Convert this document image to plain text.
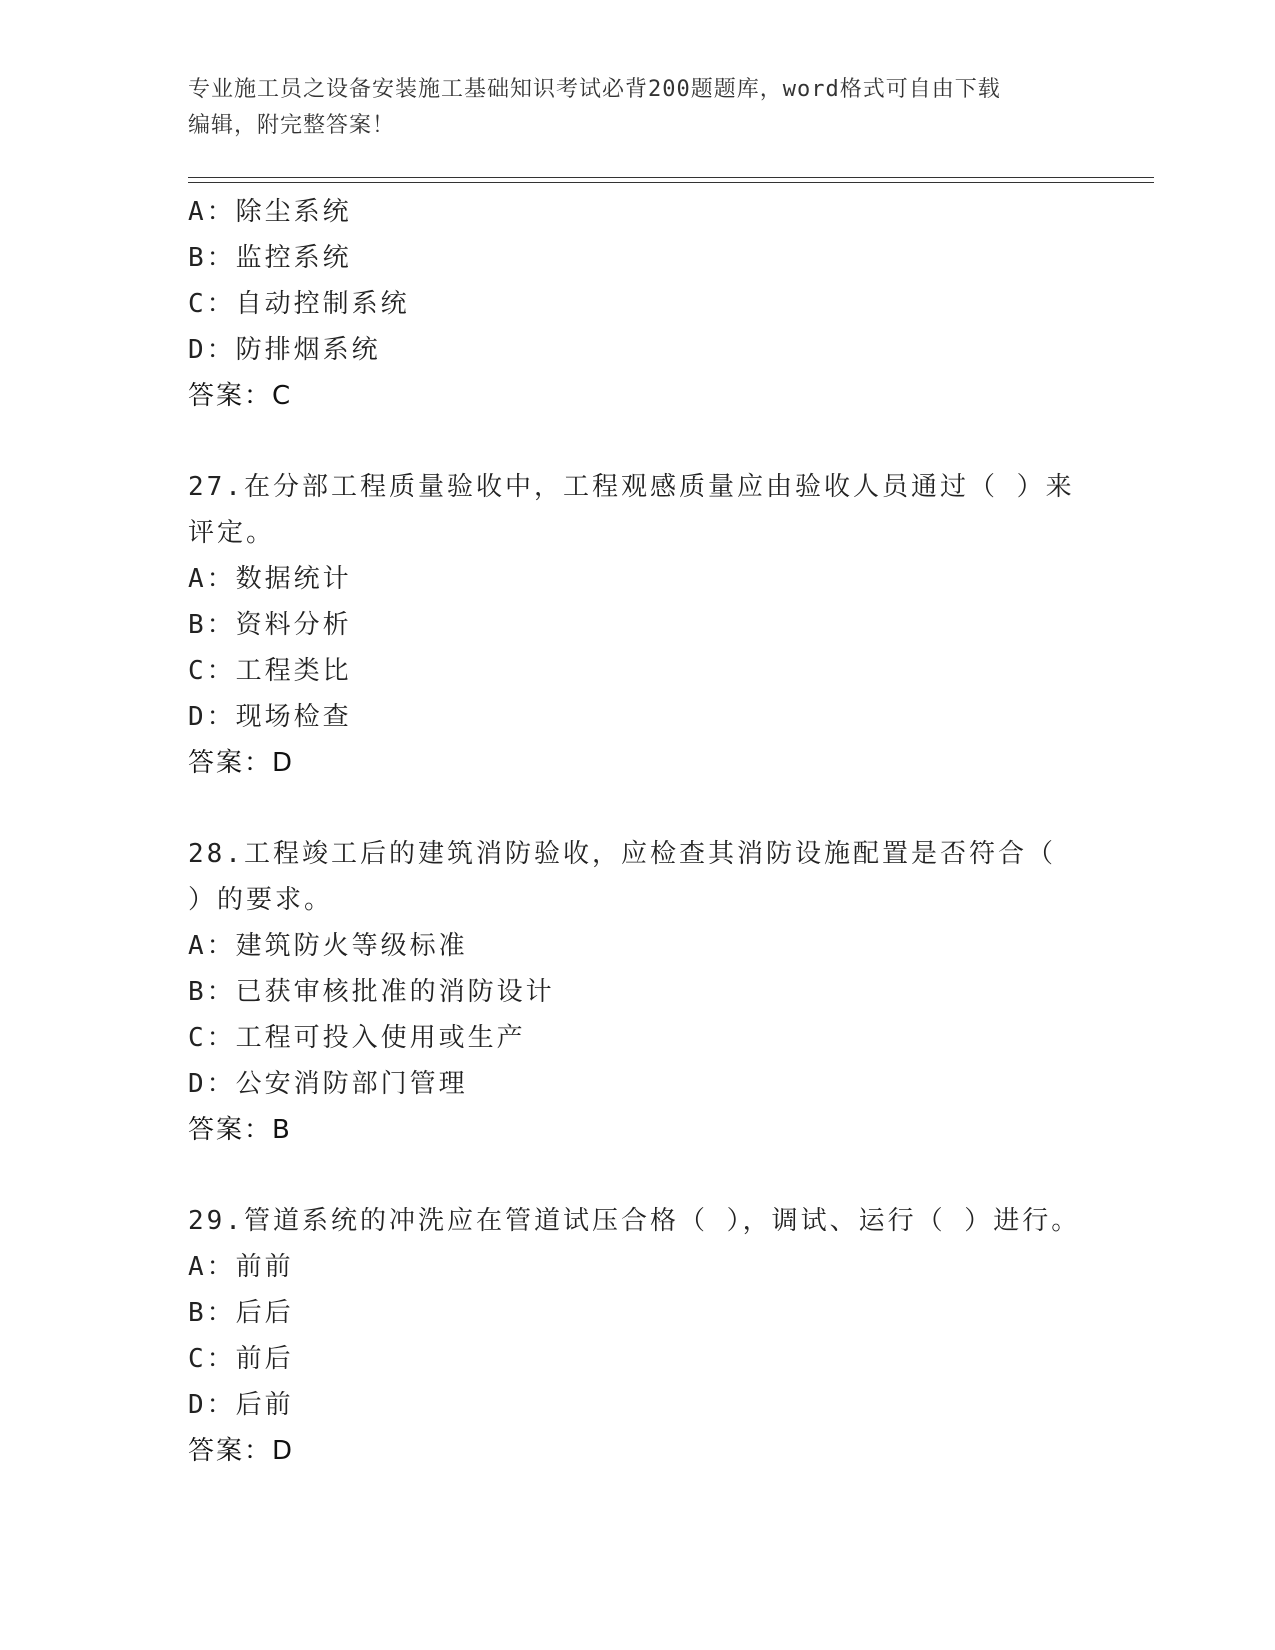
专业施工员之设备安装施工基础知识考试必背200题题库，word格式可自由下载
编辑，附完整答案！
A：除尘系统
B：监控系统
C：自动控制系统
D：防排烟系统
答案：C
27.在分部工程质量验收中，工程观感质量应由验收人员通过（ ）来
评定。
A：数据统计
B：资料分析
C：工程类比
D：现场检查
答案：D
28.工程竣工后的建筑消防验收，应检查其消防设施配置是否符合（
）的要求。
A：建筑防火等级标准
B：已获审核批准的消防设计
C：工程可投入使用或生产
D：公安消防部门管理
答案：B
29.管道系统的冲洗应在管道试压合格（ ），调试、运行（ ）进行。
A：前前
B：后后
C：前后
D：后前
答案：D
